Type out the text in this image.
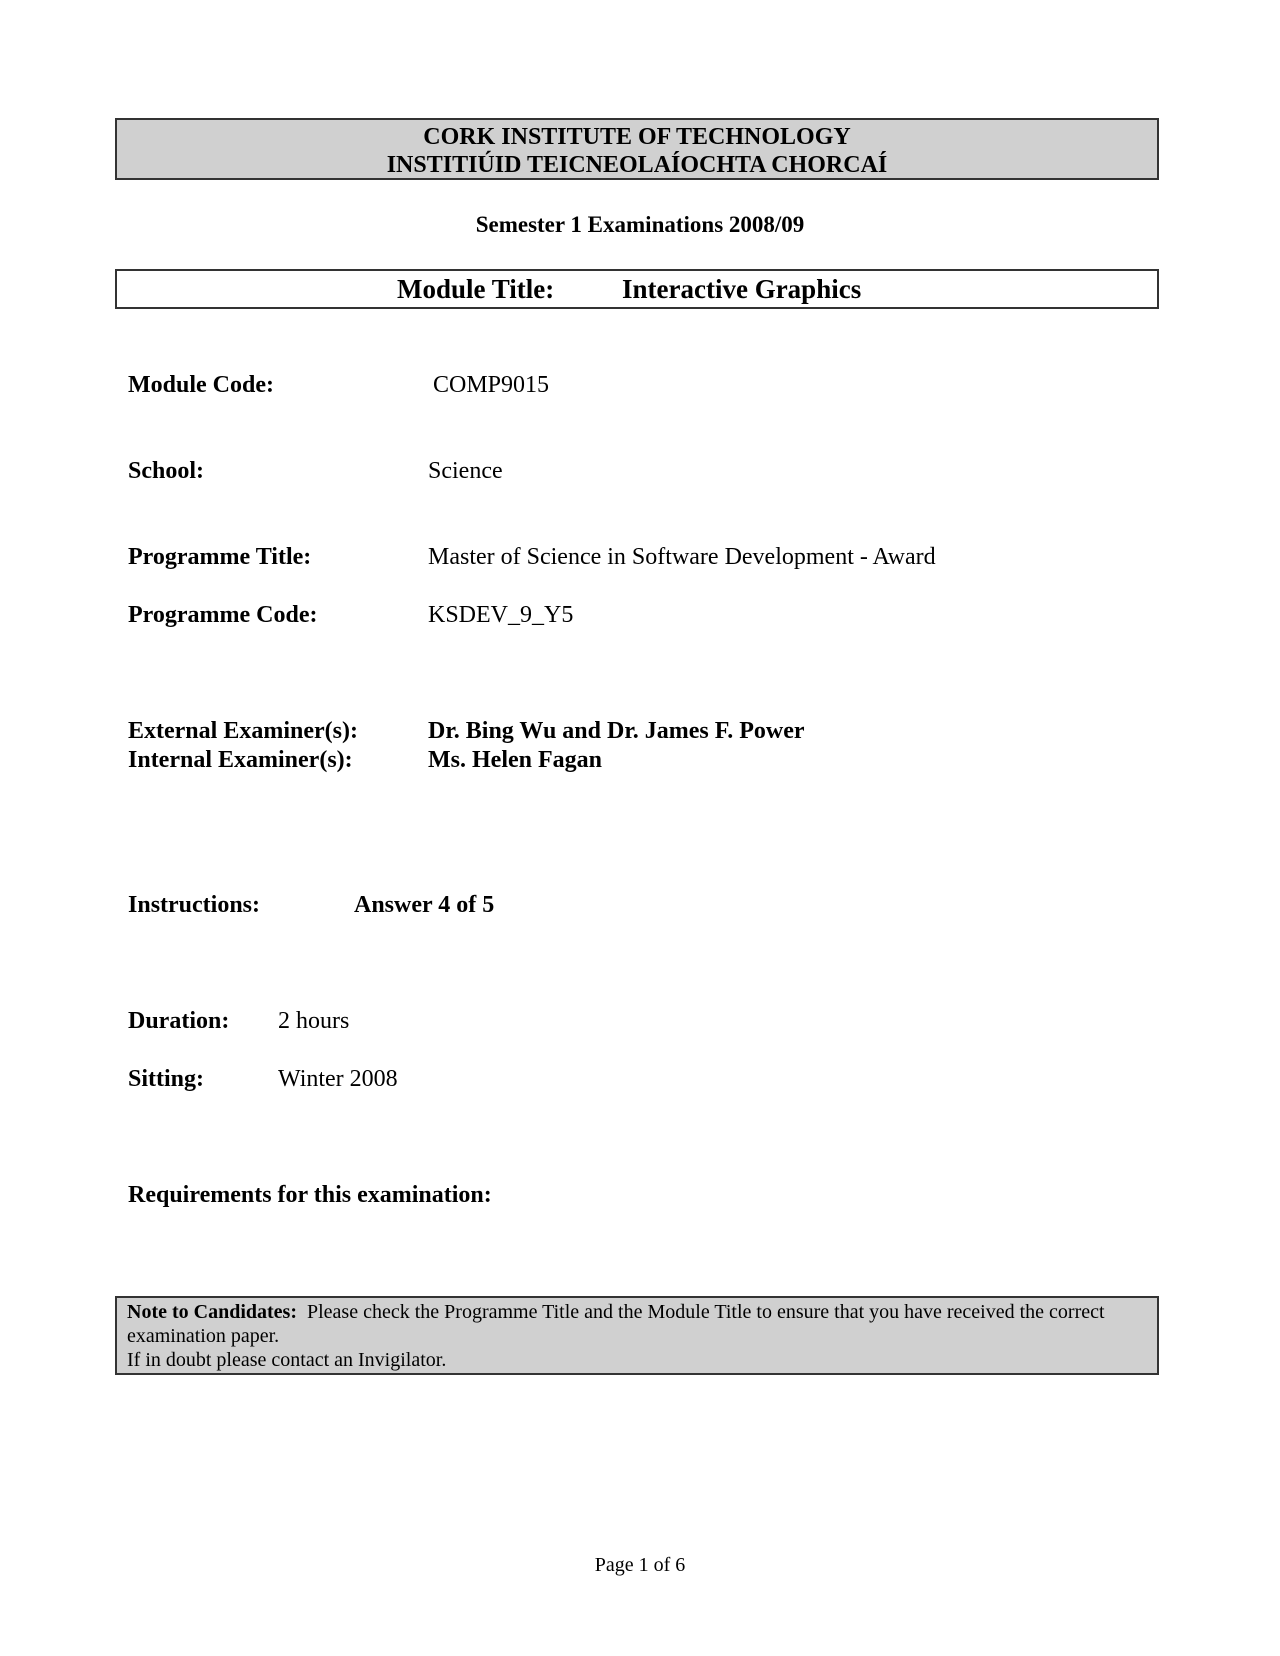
CORK INSTITUTE OF TECHNOLOGY
INSTITIÚID TEICNEOLAÍOCHTA CHORCAÍ
Semester 1 Examinations 2008/09
Module Title:	Interactive Graphics
Module Code:	COMP9015
School:	Science
Programme Title:	Master of Science in Software Development - Award
Programme Code:	KSDEV_9_Y5
External Examiner(s):	Dr. Bing Wu and Dr. James F. Power
Internal Examiner(s):	Ms. Helen Fagan
Instructions:	Answer 4 of 5
Duration: 2 hours
Sitting:	Winter 2008
Requirements for this examination:
Note to Candidates: Please check the Programme Title and the Module Title to ensure that you have received the correct examination paper.
If in doubt please contact an Invigilator.
Page 1 of 6
